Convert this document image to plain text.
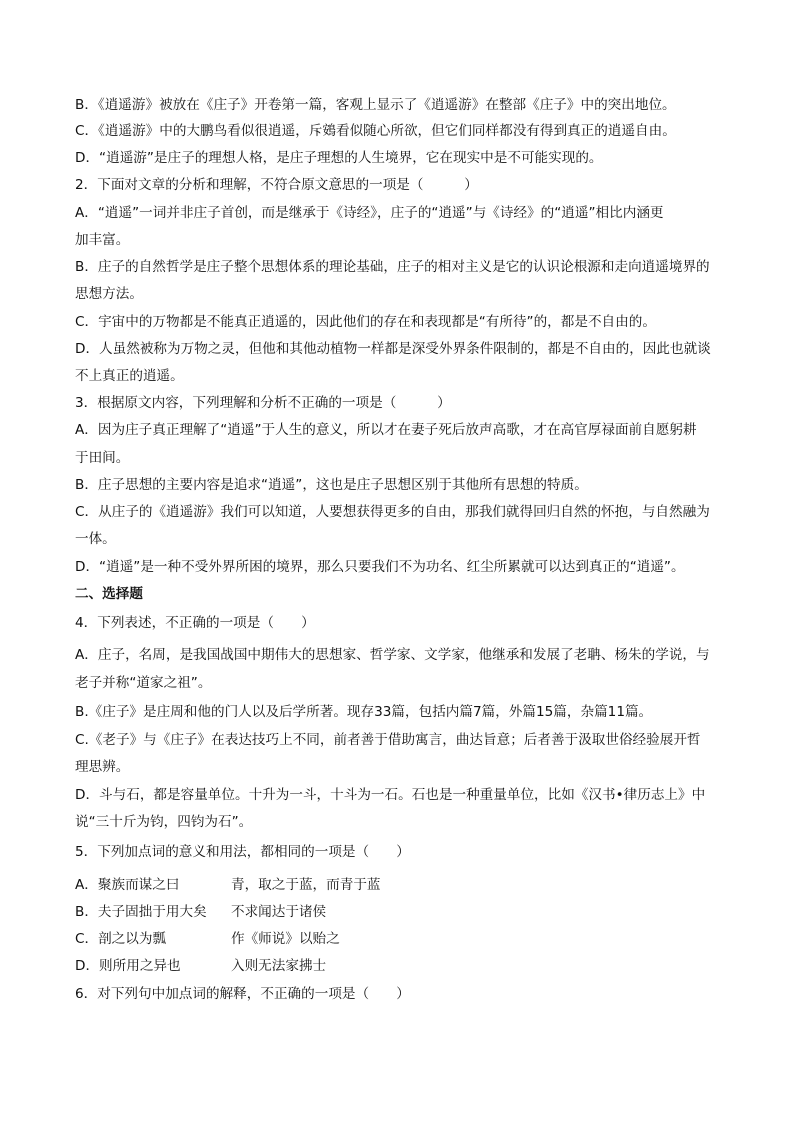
B．《逍遥游》被放在《庄子》开卷第一篇，客观上显示了《逍遥游》在整部《庄子》中的突出地位。
C．《逍遥游》中的大鹏鸟看似很逍遥，斥鴳看似随心所欲，但它们同样都没有得到真正的逍遥自由。
D．“逍遥游”是庄子的理想人格，是庄子理想的人生境界，它在现实中是不可能实现的。
2．下面对文章的分析和理解，不符合原文意思的一项是（　　　）
A．“逍遥”一词并非庄子首创，而是继承于《诗经》，庄子的“逍遥”与《诗经》的“逍遥”相比内涵更
加丰富。
B．庄子的自然哲学是庄子整个思想体系的理论基础，庄子的相对主义是它的认识论根源和走向逍遥境界的
思想方法。
C．宇宙中的万物都是不能真正逍遥的，因此他们的存在和表现都是“有所待”的，都是不自由的。
D．人虽然被称为万物之灵，但他和其他动植物一样都是深受外界条件限制的，都是不自由的，因此也就谈
不上真正的逍遥。
3．根据原文内容，下列理解和分析不正确的一项是（　　　）
A．因为庄子真正理解了“逍遥”于人生的意义，所以才在妻子死后放声高歌，才在高官厚禄面前自愿躬耕
于田间。
B．庄子思想的主要内容是追求“逍遥”，这也是庄子思想区别于其他所有思想的特质。
C．从庄子的《逍遥游》我们可以知道，人要想获得更多的自由，那我们就得回归自然的怀抱，与自然融为
一体。
D．“逍遥”是一种不受外界所困的境界，那么只要我们不为功名、红尘所累就可以达到真正的“逍遥”。
二、选择题
4．下列表述，不正确的一项是（　　）
A．庄子，名周，是我国战国中期伟大的思想家、哲学家、文学家，他继承和发展了老聃、杨朱的学说，与
老子并称“道家之祖”。
B.《庄子》是庄周和他的门人以及后学所著。现存33篇，包括内篇7篇，外篇15篇，杂篇11篇。
C.《老子》与《庄子》在表达技巧上不同，前者善于借助寓言，曲达旨意；后者善于汲取世俗经验展开哲
理思辨。
D．斗与石，都是容量单位。十升为一斗，十斗为一石。石也是一种重量单位，比如《汉书•律历志上》中
说“三十斤为钧，四钧为石”。
5．下列加点词的意义和用法，都相同的一项是（　　）
A．聚族而谋之曰	青，取之于蓝，而青于蓝
B．夫子固拙于用大矣 不求闻达于诸侯
C．剖之以为瓢	作《师说》以贻之
D．则所用之异也	入则无法家拂士
6．对下列句中加点词的解释，不正确的一项是（　　）
